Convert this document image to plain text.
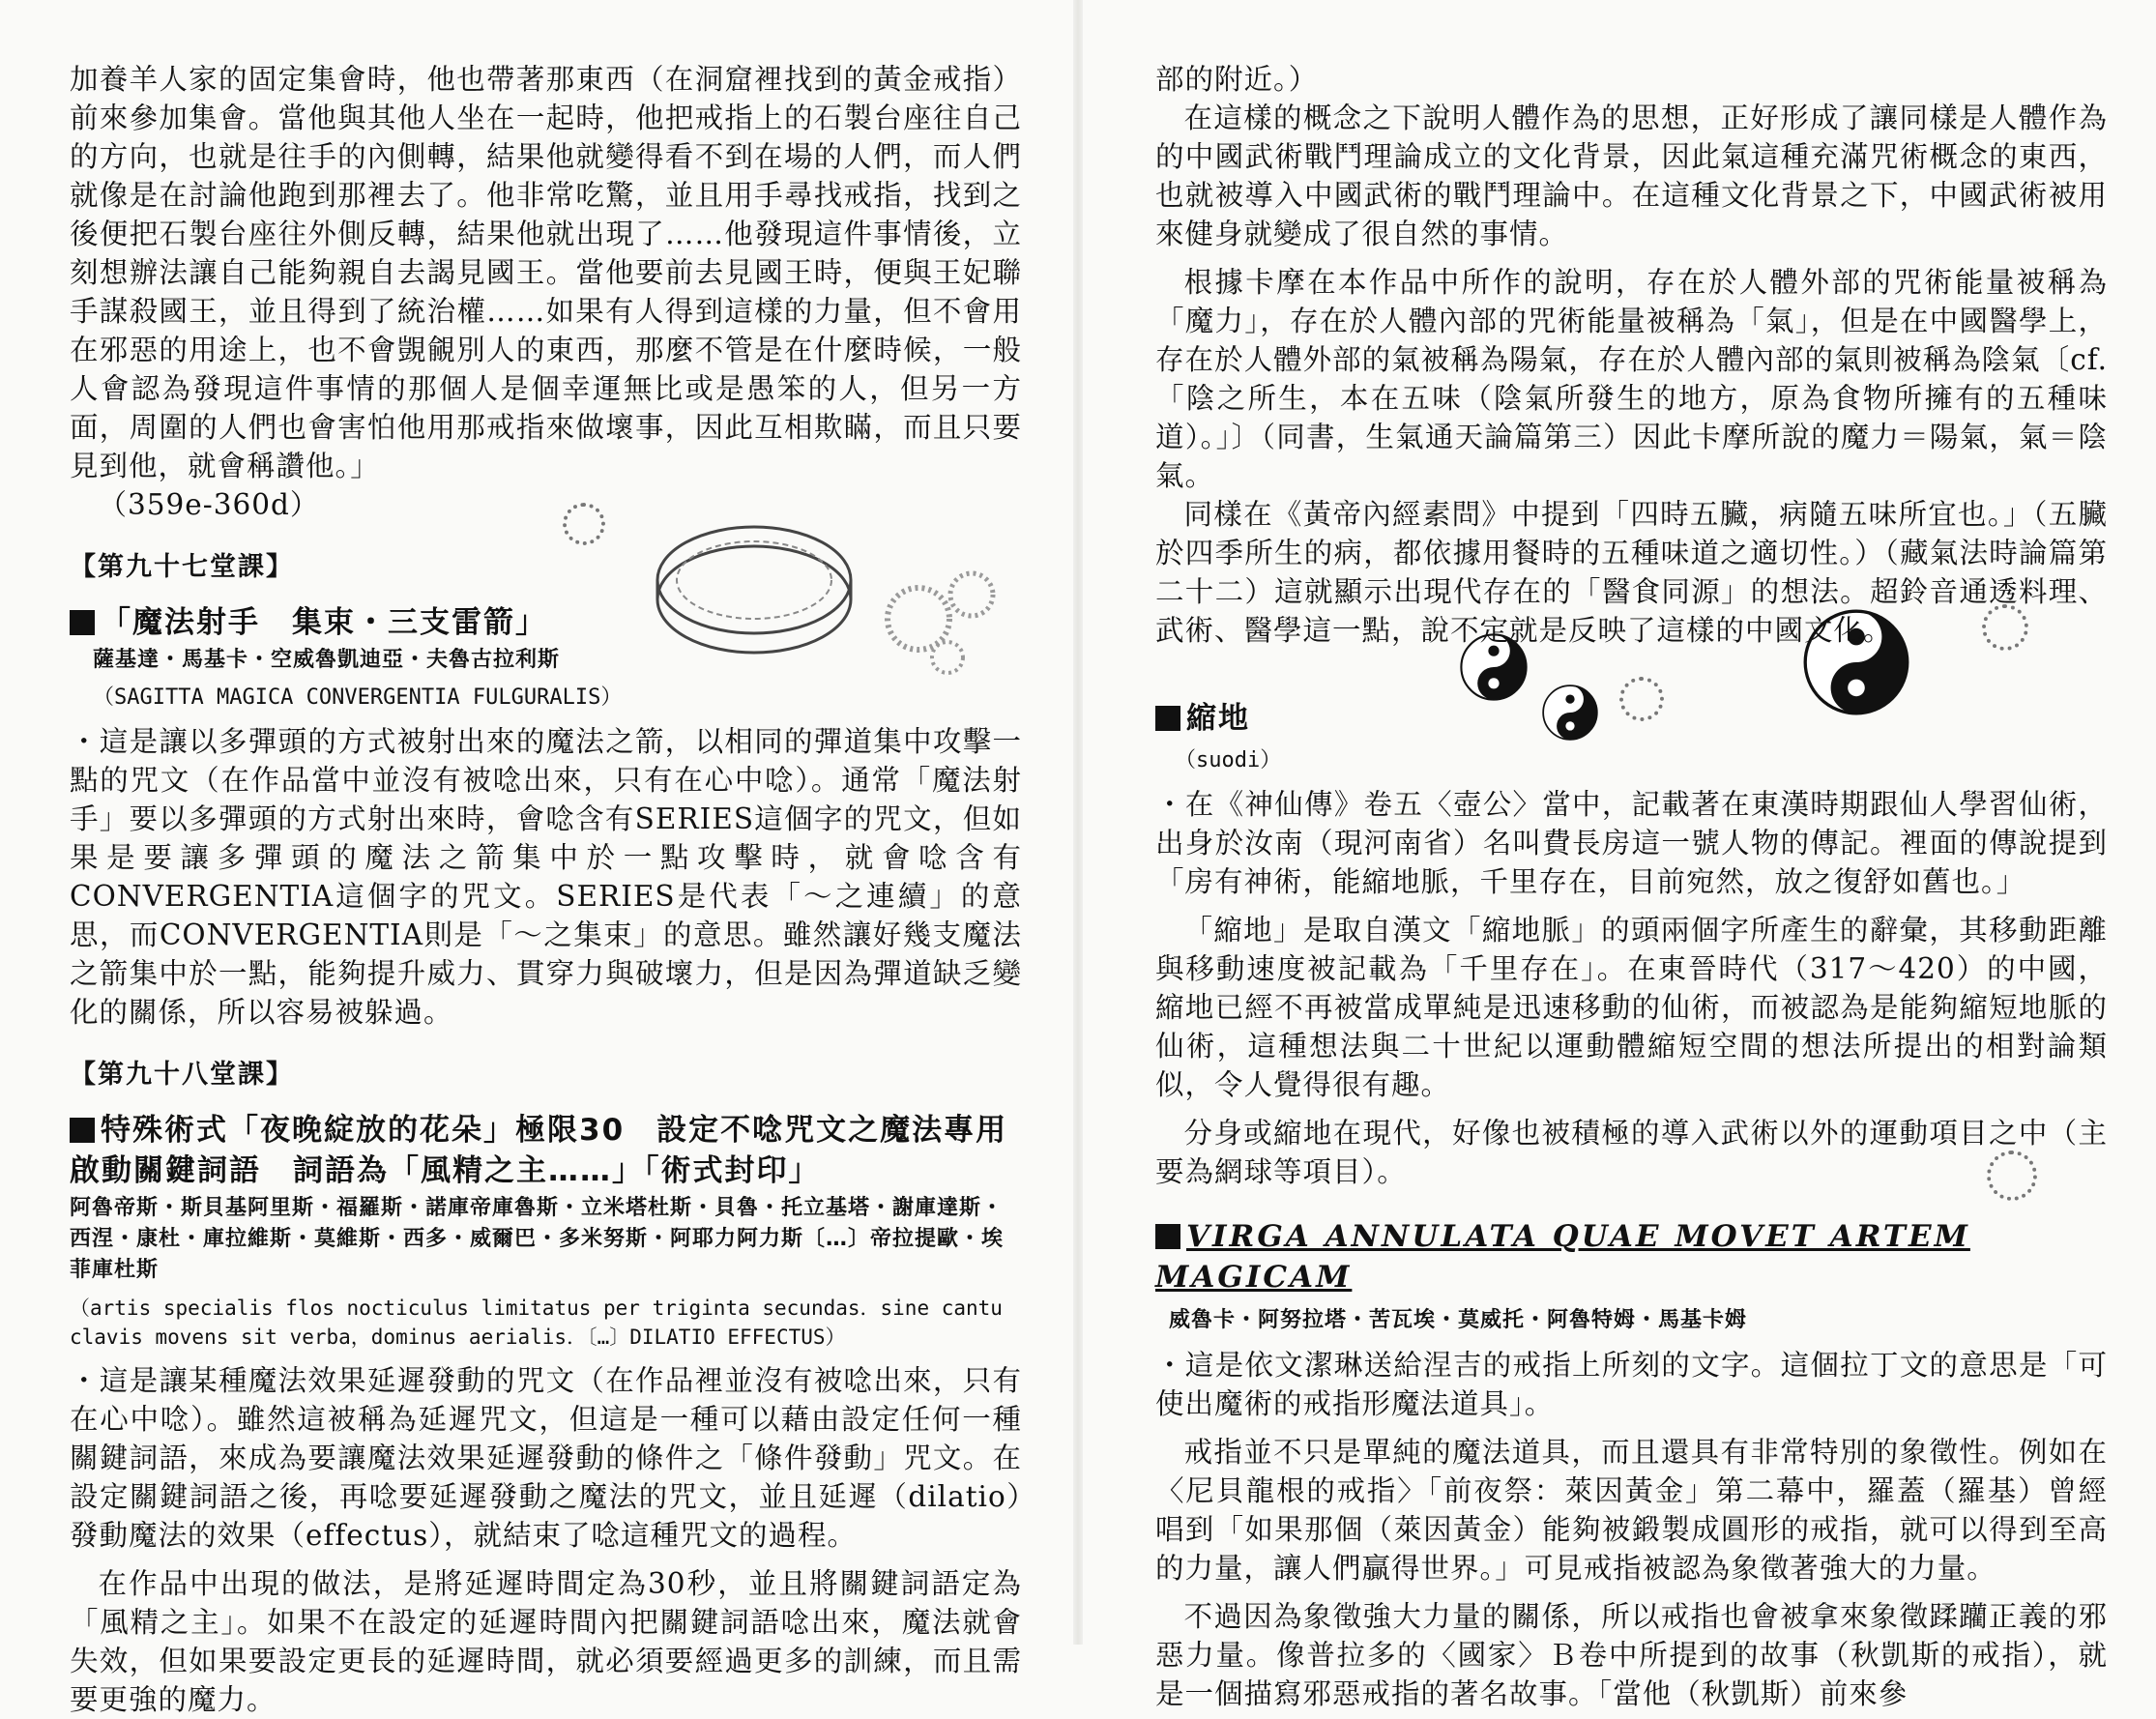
加養羊人家的固定集會時，他也帶著那東西（在洞窟裡找到的黃金戒指）前來參加集會。當他與其他人坐在一起時，他把戒指上的石製台座往自己的方向，也就是往手的內側轉，結果他就變得看不到在場的人們，而人們就像是在討論他跑到那裡去了。他非常吃驚，並且用手尋找戒指，找到之後便把石製台座往外側反轉，結果他就出現了……他發現這件事情後，立刻想辦法讓自己能夠親自去謁見國王。當他要前去見國王時，便與王妃聯手謀殺國王，並且得到了統治權……如果有人得到這樣的力量，但不會用在邪惡的用途上，也不會覬覦別人的東西，那麼不管是在什麼時候，一般人會認為發現這件事情的那個人是個幸運無比或是愚笨的人，但另一方面，周圍的人們也會害怕他用那戒指來做壞事，因此互相欺瞞，而且只要見到他，就會稱讚他。」

（359e-360d）

【第九十七堂課】
「魔法射手　集束・三支雷箭」
薩基達・馬基卡・空威魯凱迪亞・夫魯古拉利斯
（SAGITTA MAGICA CONVERGENTIA FULGURALIS）

・這是讓以多彈頭的方式被射出來的魔法之箭，以相同的彈道集中攻擊一點的咒文（在作品當中並沒有被唸出來，只有在心中唸）。通常「魔法射手」要以多彈頭的方式射出來時，會唸含有SERIES這個字的咒文，但如果是要讓多彈頭的魔法之箭集中於一點攻擊時，就會唸含有CONVERGENTIA這個字的咒文。SERIES是代表「～之連續」的意思，而CONVERGENTIA則是「～之集束」的意思。雖然讓好幾支魔法之箭集中於一點，能夠提升威力、貫穿力與破壞力，但是因為彈道缺乏變化的關係，所以容易被躲過。

【第九十八堂課】
特殊術式「夜晚綻放的花朵」極限30　設定不唸咒文之魔法專用啟動關鍵詞語　詞語為「風精之主……」「術式封印」
阿魯帝斯・斯貝基阿里斯・福羅斯・諾庫帝庫魯斯・立米塔杜斯・貝魯・托立基塔・謝庫達斯・西涅・康杜・庫拉維斯・莫維斯・西多・威爾巴・多米努斯・阿耶力阿力斯〔…〕帝拉提歐・埃菲庫杜斯
（artis specialis flos nocticulus limitatus per triginta secundas．sine cantu clavis movens sit verba，dominus aerialis．〔…〕DILATIO EFFECTUS）

・這是讓某種魔法效果延遲發動的咒文（在作品裡並沒有被唸出來，只有在心中唸）。雖然這被稱為延遲咒文，但這是一種可以藉由設定任何一種關鍵詞語，來成為要讓魔法效果延遲發動的條件之「條件發動」咒文。在設定關鍵詞語之後，再唸要延遲發動之魔法的咒文，並且延遲（dilatio）發動魔法的效果（effectus），就結束了唸這種咒文的過程。

在作品中出現的做法，是將延遲時間定為30秒，並且將關鍵詞語定為「風精之主」。如果不在設定的延遲時間內把關鍵詞語唸出來，魔法就會失效，但如果要設定更長的延遲時間，就必須要經過更多的訓練，而且需要更強的魔力。

部的附近。）

在這樣的概念之下說明人體作為的思想，正好形成了讓同樣是人體作為的中國武術戰鬥理論成立的文化背景，因此氣這種充滿咒術概念的東西，也就被導入中國武術的戰鬥理論中。在這種文化背景之下，中國武術被用來健身就變成了很自然的事情。

根據卡摩在本作品中所作的說明，存在於人體外部的咒術能量被稱為「魔力」，存在於人體內部的咒術能量被稱為「氣」，但是在中國醫學上，存在於人體外部的氣被稱為陽氣，存在於人體內部的氣則被稱為陰氣〔cf.「陰之所生，本在五味（陰氣所發生的地方，原為食物所擁有的五種味道）。」〕（同書，生氣通天論篇第三）因此卡摩所說的魔力＝陽氣，氣＝陰氣。

同樣在《黃帝內經素問》中提到「四時五臟，病隨五味所宜也。」（五臟於四季所生的病，都依據用餐時的五種味道之適切性。）（藏氣法時論篇第二十二）這就顯示出現代存在的「醫食同源」的想法。超鈴音通透料理、武術、醫學這一點，說不定就是反映了這樣的中國文化。

縮地
（suodi）

・在《神仙傳》卷五〈壺公〉當中，記載著在東漢時期跟仙人學習仙術，出身於汝南（現河南省）名叫費長房這一號人物的傳記。裡面的傳說提到「房有神術，能縮地脈，千里存在，目前宛然，放之復舒如舊也。」

「縮地」是取自漢文「縮地脈」的頭兩個字所產生的辭彙，其移動距離與移動速度被記載為「千里存在」。在東晉時代（317～420）的中國，縮地已經不再被當成單純是迅速移動的仙術，而被認為是能夠縮短地脈的仙術，這種想法與二十世紀以運動體縮短空間的想法所提出的相對論類似，令人覺得很有趣。

分身或縮地在現代，好像也被積極的導入武術以外的運動項目之中（主要為網球等項目）。

VIRGA ANNULATA QUAE MOVET ARTEM MAGICAM
威魯卡・阿努拉塔・苦瓦埃・莫威托・阿魯特姆・馬基卡姆

・這是依文潔琳送給涅吉的戒指上所刻的文字。這個拉丁文的意思是「可使出魔術的戒指形魔法道具」。

戒指並不只是單純的魔法道具，而且還具有非常特別的象徵性。例如在〈尼貝龍根的戒指〉「前夜祭：萊因黃金」第二幕中，羅蓋（羅基）曾經唱到「如果那個（萊因黃金）能夠被鍛製成圓形的戒指，就可以得到至高的力量，讓人們贏得世界。」可見戒指被認為象徵著強大的力量。

不過因為象徵強大力量的關係，所以戒指也會被拿來象徵蹂躪正義的邪惡力量。像普拉多的〈國家〉Ｂ卷中所提到的故事（秋凱斯的戒指），就是一個描寫邪惡戒指的著名故事。「當他（秋凱斯）前來參
